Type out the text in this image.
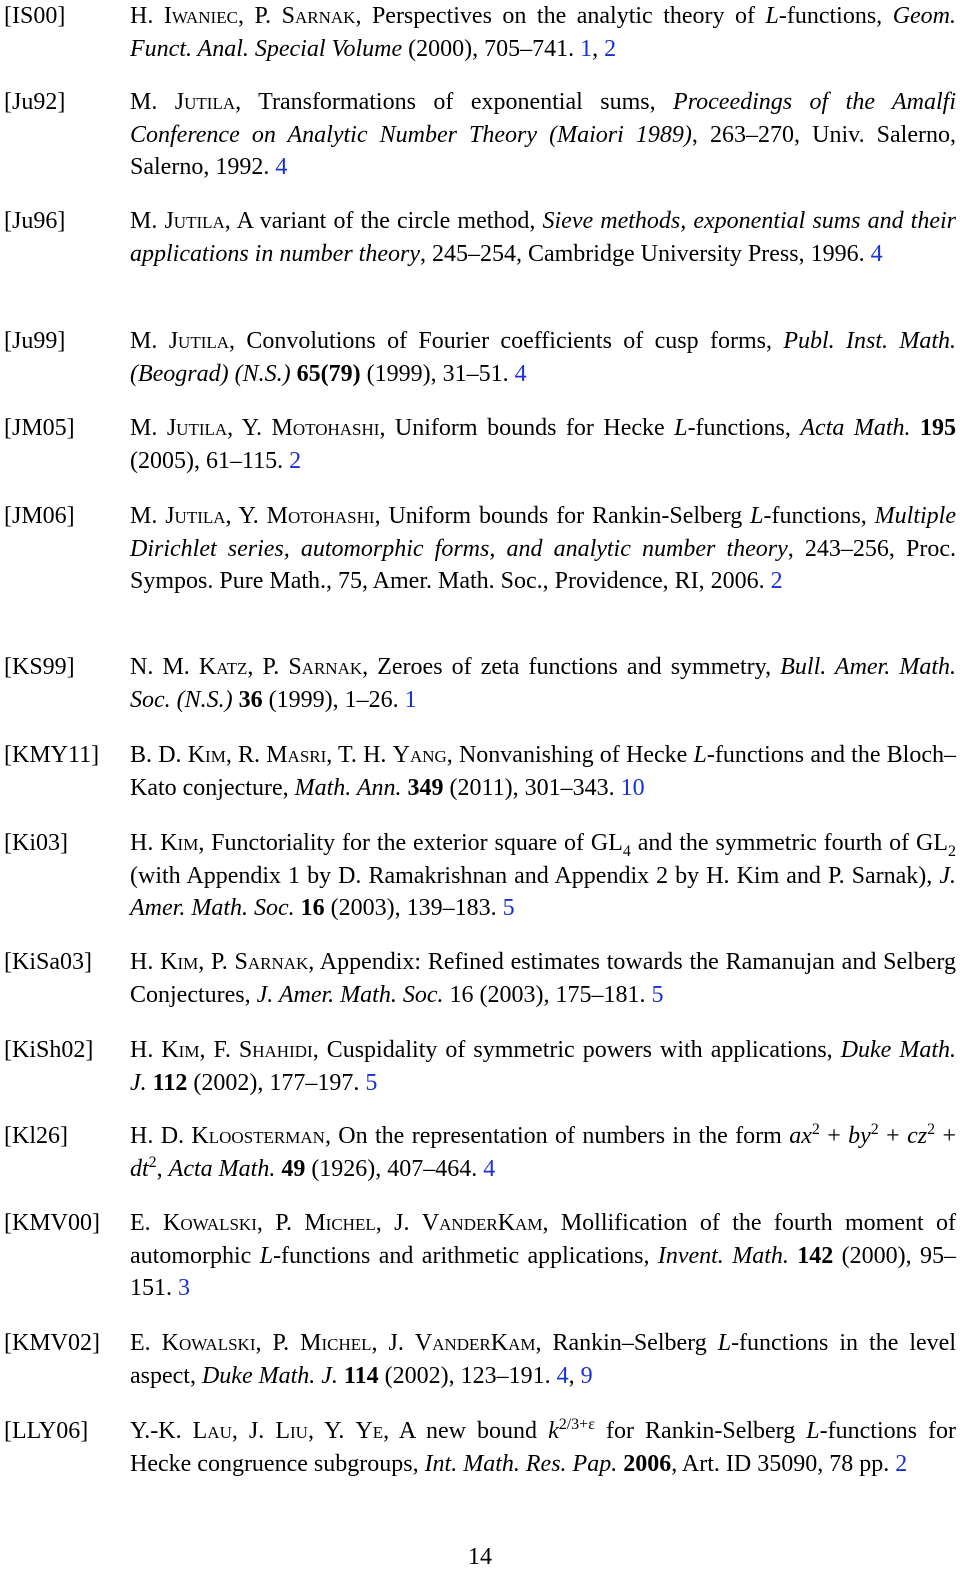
[IS00]	H. Iwaniec, P. Sarnak, Perspectives on the analytic theory of L-functions, Geom. Funct. Anal. Special Volume (2000), 705–741. 1, 2
[Ju92]	M. Jutila, Transformations of exponential sums, Proceedings of the Amalfi Conference on Analytic Number Theory (Maiori 1989), 263–270, Univ. Salerno, Salerno, 1992. 4
[Ju96]	M. Jutila, A variant of the circle method, Sieve methods, exponential sums and their applications in number theory, 245–254, Cambridge University Press, 1996. 4
[Ju99]	M. Jutila, Convolutions of Fourier coefficients of cusp forms, Publ. Inst. Math. (Beograd) (N.S.) 65(79) (1999), 31–51. 4
[JM05] M. Jutila, Y. Motohashi, Uniform bounds for Hecke L-functions, Acta Math. 195 (2005), 61–115. 2
[JM06] M. Jutila, Y. Motohashi, Uniform bounds for Rankin-Selberg L-functions, Multiple Dirichlet series, automorphic forms, and analytic number theory, 243–256, Proc. Sympos. Pure Math., 75, Amer. Math. Soc., Providence, RI, 2006. 2
[KS99] N. M. Katz, P. Sarnak, Zeroes of zeta functions and symmetry, Bull. Amer. Math. Soc. (N.S.) 36 (1999), 1–26. 1
[KMY11] B. D. Kim, R. Masri, T. H. Yang, Nonvanishing of Hecke L-functions and the Bloch–Kato conjecture, Math. Ann. 349 (2011), 301–343. 10
[Ki03]	H. Kim, Functoriality for the exterior square of $GL_4$ and the symmetric fourth of $GL_2$ (with Appendix 1 by D. Ramakrishnan and Appendix 2 by H. Kim and P. Sarnak), J. Amer. Math. Soc. 16 (2003), 139–183. 5
[KiSa03] H. Kim, P. Sarnak, Appendix: Refined estimates towards the Ramanujan and Selberg Conjectures, J. Amer. Math. Soc. 16 (2003), 175–181. 5
[KiSh02] H. Kim, F. Shahidi, Cuspidality of symmetric powers with applications, Duke Math. J. 112 (2002), 177–197. 5
[Kl26]	H. D. Kloosterman, On the representation of numbers in the form $ax^2 + by^2 + cz^2 + dt^2$, Acta Math. 49 (1926), 407–464. 4
[KMV00] E. Kowalski, P. Michel, J. VanderKam, Mollification of the fourth moment of automorphic L-functions and arithmetic applications, Invent. Math. 142 (2000), 95–151. 3
[KMV02] E. Kowalski, P. Michel, J. VanderKam, Rankin–Selberg L-functions in the level aspect, Duke Math. J. 114 (2002), 123–191. 4, 9
[LLY06] Y.-K. Lau, J. Liu, Y. Ye, A new bound $k^{2/3+\varepsilon}$ for Rankin-Selberg L-functions for Hecke congruence subgroups, Int. Math. Res. Pap. 2006, Art. ID 35090, 78 pp. 2
14
